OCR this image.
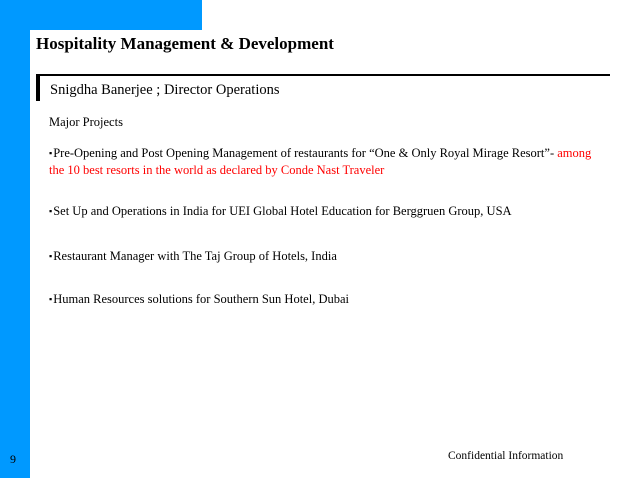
Hospitality Management & Development
Snigdha Banerjee ; Director Operations
Major Projects
▪Pre-Opening and Post Opening Management of restaurants for “One & Only Royal Mirage Resort”- among the 10 best resorts in the world as declared by Conde Nast Traveler
▪Set Up and Operations in India for UEI Global Hotel Education for Berggruen Group, USA
▪Restaurant Manager with The Taj Group of Hotels, India
▪Human Resources solutions for Southern Sun Hotel, Dubai
9	Confidential Information
